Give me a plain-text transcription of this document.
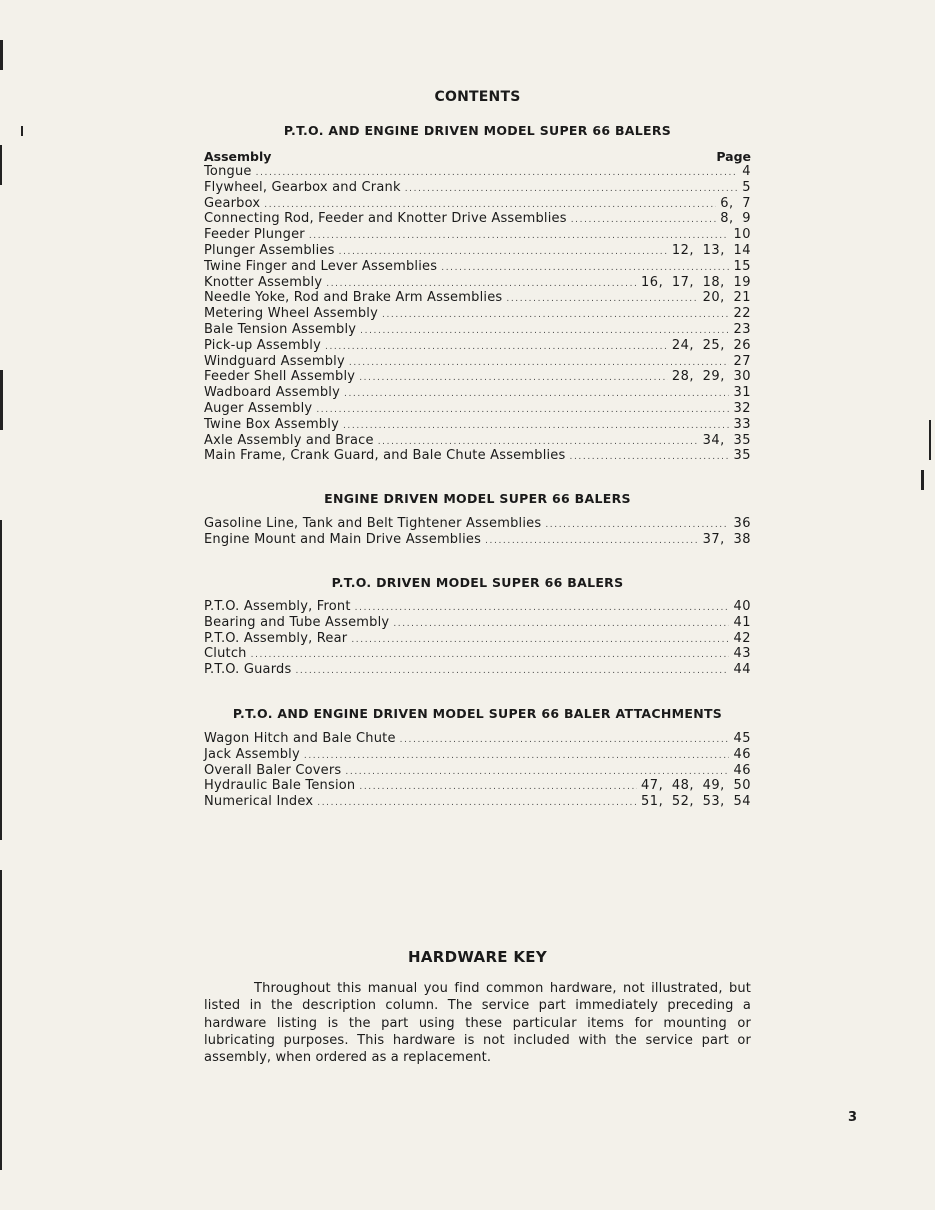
CONTENTS
P.T.O. AND ENGINE DRIVEN MODEL SUPER 66 BALERS
Assembly	Page
Tongue .....	4
Flywheel, Gearbox and Crank .....	5
Gearbox .....	6, 7
Connecting Rod, Feeder and Knotter Drive Assemblies .....	8, 9
Feeder Plunger .....	10
Plunger Assemblies .....	12, 13, 14
Twine Finger and Lever Assemblies .....	15
Knotter Assembly .....	16, 17, 18, 19
Needle Yoke, Rod and Brake Arm Assemblies .....	20, 21
Metering Wheel Assembly .....	22
Bale Tension Assembly .....	23
Pick-up Assembly .....	24, 25, 26
Windguard Assembly .....	27
Feeder Shell Assembly .....	28, 29, 30
Wadboard Assembly .....	31
Auger Assembly .....	32
Twine Box Assembly .....	33
Axle Assembly and Brace .....	34, 35
Main Frame, Crank Guard, and Bale Chute Assemblies .....	35
ENGINE DRIVEN MODEL SUPER 66 BALERS
Gasoline Line, Tank and Belt Tightener Assemblies .....	36
Engine Mount and Main Drive Assemblies .....	37, 38
P.T.O. DRIVEN MODEL SUPER 66 BALERS
P.T.O. Assembly, Front .....	40
Bearing and Tube Assembly .....	41
P.T.O. Assembly, Rear .....	42
Clutch .....	43
P.T.O. Guards .....	44
P.T.O. AND ENGINE DRIVEN MODEL SUPER 66 BALER ATTACHMENTS
Wagon Hitch and Bale Chute .....	45
Jack Assembly .....	46
Overall Baler Covers .....	46
Hydraulic Bale Tension .....	47, 48, 49, 50
Numerical Index .....	51, 52, 53, 54
HARDWARE KEY
Throughout this manual you find common hardware, not illustrated, but listed in the description column. The service part immediately preceding a hardware listing is the part using these particular items for mounting or lubricating purposes. This hardware is not included with the service part or assembly, when ordered as a replacement.
3
